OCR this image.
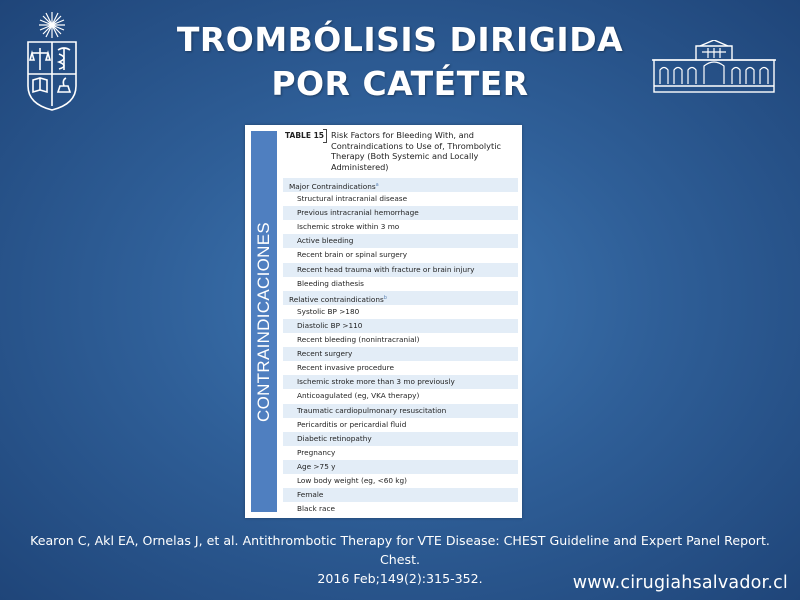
TROMBÓLISIS DIRIGIDA
POR CATÉTER
CONTRAINDICACIONES
TABLE 15 Risk Factors for Bleeding With, and Contraindications to Use of, Thrombolytic Therapy (Both Systemic and Locally Administered)
Major Contraindications$^a$
Structural intracranial disease
Previous intracranial hemorrhage
Ischemic stroke within 3 mo
Active bleeding
Recent brain or spinal surgery
Recent head trauma with fracture or brain injury
Bleeding diathesis
Relative contraindications$^b$
Systolic BP >180
Diastolic BP >110
Recent bleeding (nonintracranial)
Recent surgery
Recent invasive procedure
Ischemic stroke more than 3 mo previously
Anticoagulated (eg, VKA therapy)
Traumatic cardiopulmonary resuscitation
Pericarditis or pericardial fluid
Diabetic retinopathy
Pregnancy
Age >75 y
Low body weight (eg, <60 kg)
Female
Black race
Kearon C, Akl EA, Ornelas J, et al. Antithrombotic Therapy for VTE Disease: CHEST Guideline and Expert Panel Report. Chest.
2016 Feb;149(2):315-352.	www.cirugiahsalvador.cl
